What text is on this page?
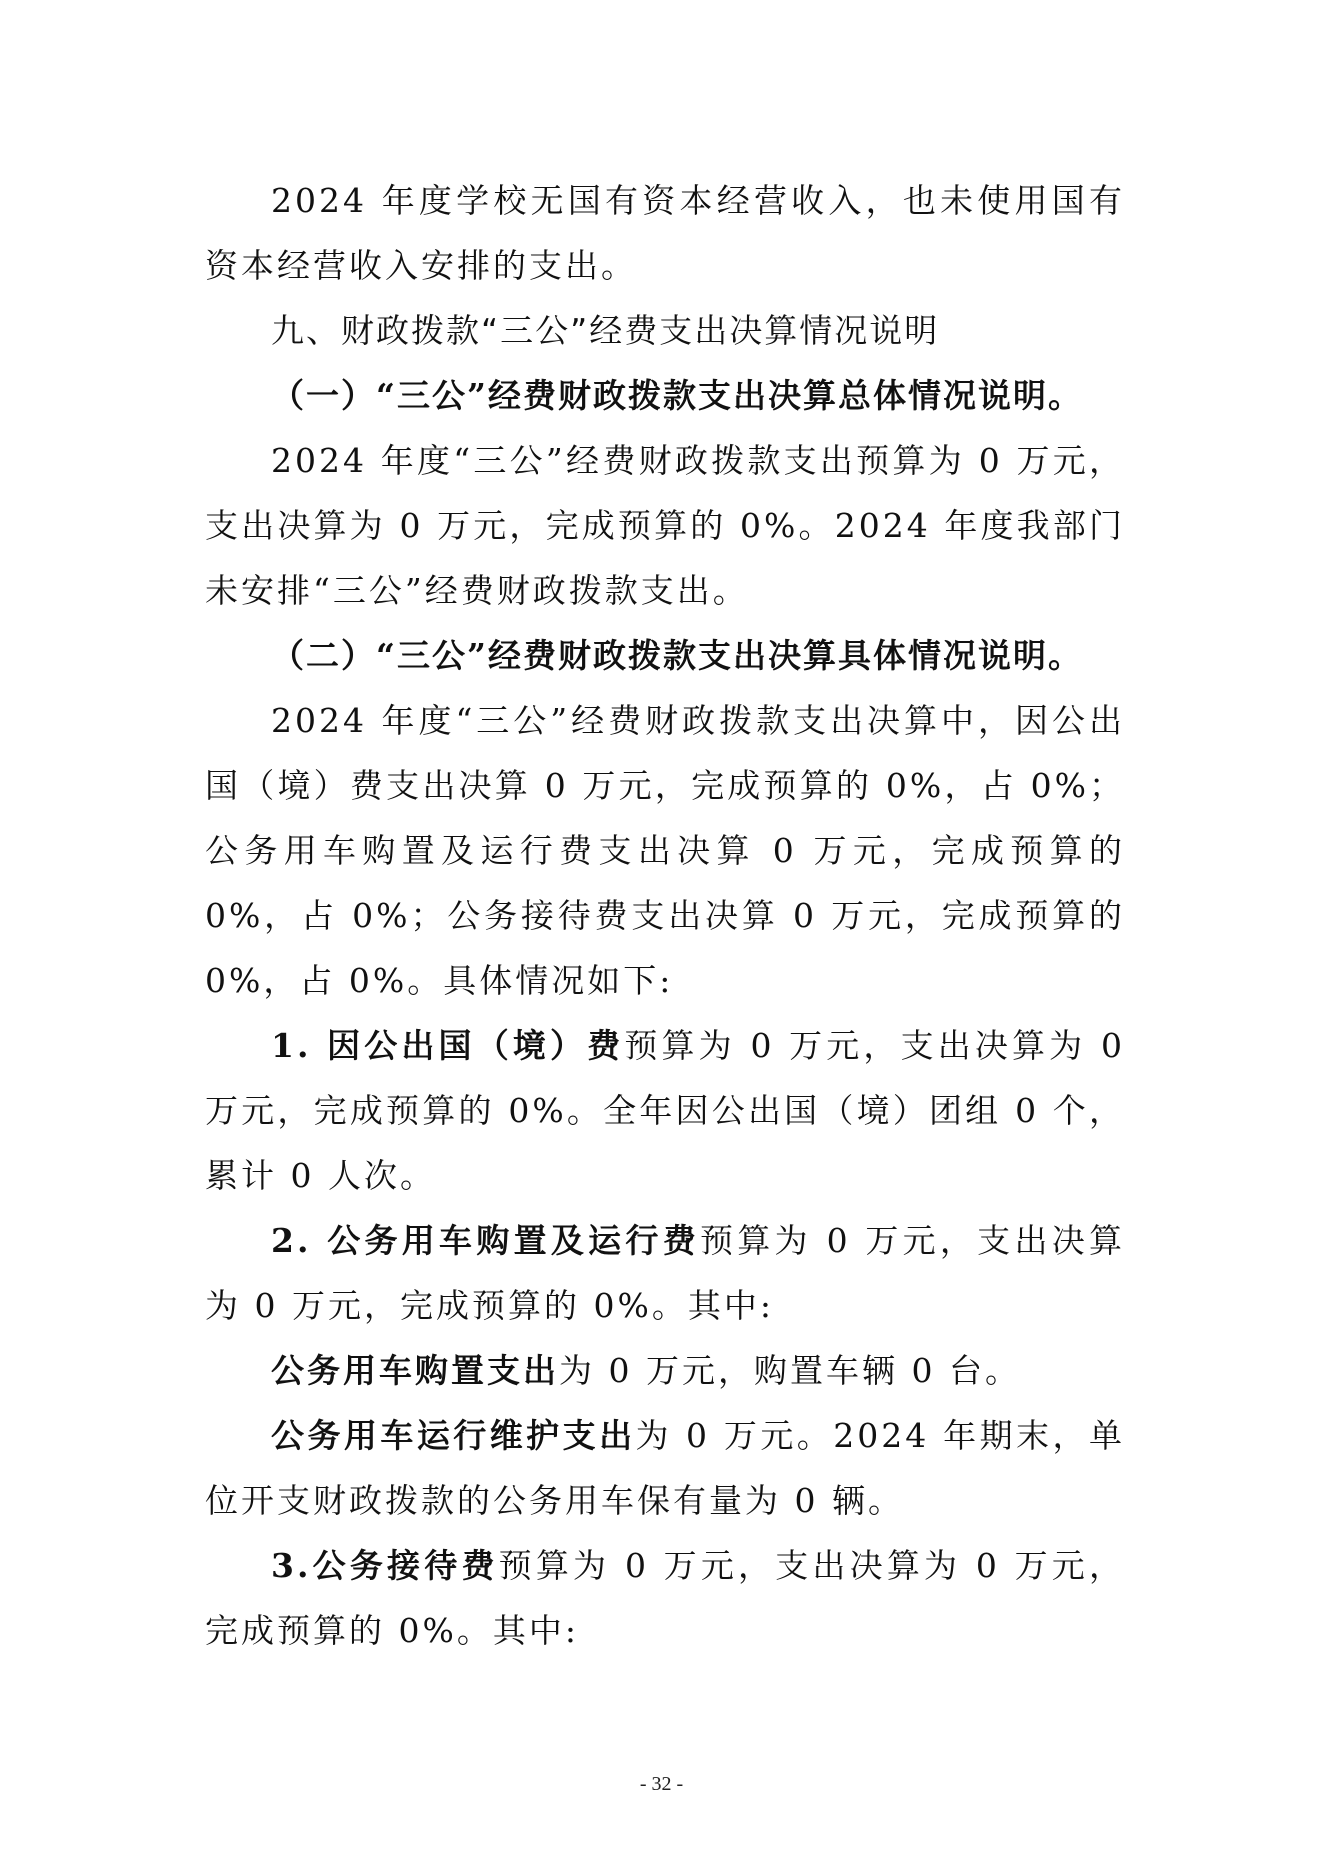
2024 年度学校无国有资本经营收入，也未使用国有资本经营收入安排的支出。

九、财政拨款“三公”经费支出决算情况说明

（一）“三公”经费财政拨款支出决算总体情况说明。

2024 年度“三公”经费财政拨款支出预算为 0 万元，支出决算为 0 万元，完成预算的 0%。2024 年度我部门未安排“三公”经费财政拨款支出。

（二）“三公”经费财政拨款支出决算具体情况说明。

2024 年度“三公”经费财政拨款支出决算中，因公出国（境）费支出决算 0 万元，完成预算的 0%，占 0%；公务用车购置及运行费支出决算 0 万元，完成预算的 0%，占 0%；公务接待费支出决算 0 万元，完成预算的 0%，占 0%。具体情况如下:

1. 因公出国（境）费预算为 0 万元，支出决算为 0 万元，完成预算的 0%。全年因公出国（境）团组 0 个，累计 0 人次。

2. 公务用车购置及运行费预算为 0 万元，支出决算为 0 万元，完成预算的 0%。其中:

公务用车购置支出为 0 万元，购置车辆 0 台。

公务用车运行维护支出为 0 万元。2024 年期末，单位开支财政拨款的公务用车保有量为 0 辆。

3.公务接待费预算为 0 万元，支出决算为 0 万元，完成预算的 0%。其中:

- 32 -
